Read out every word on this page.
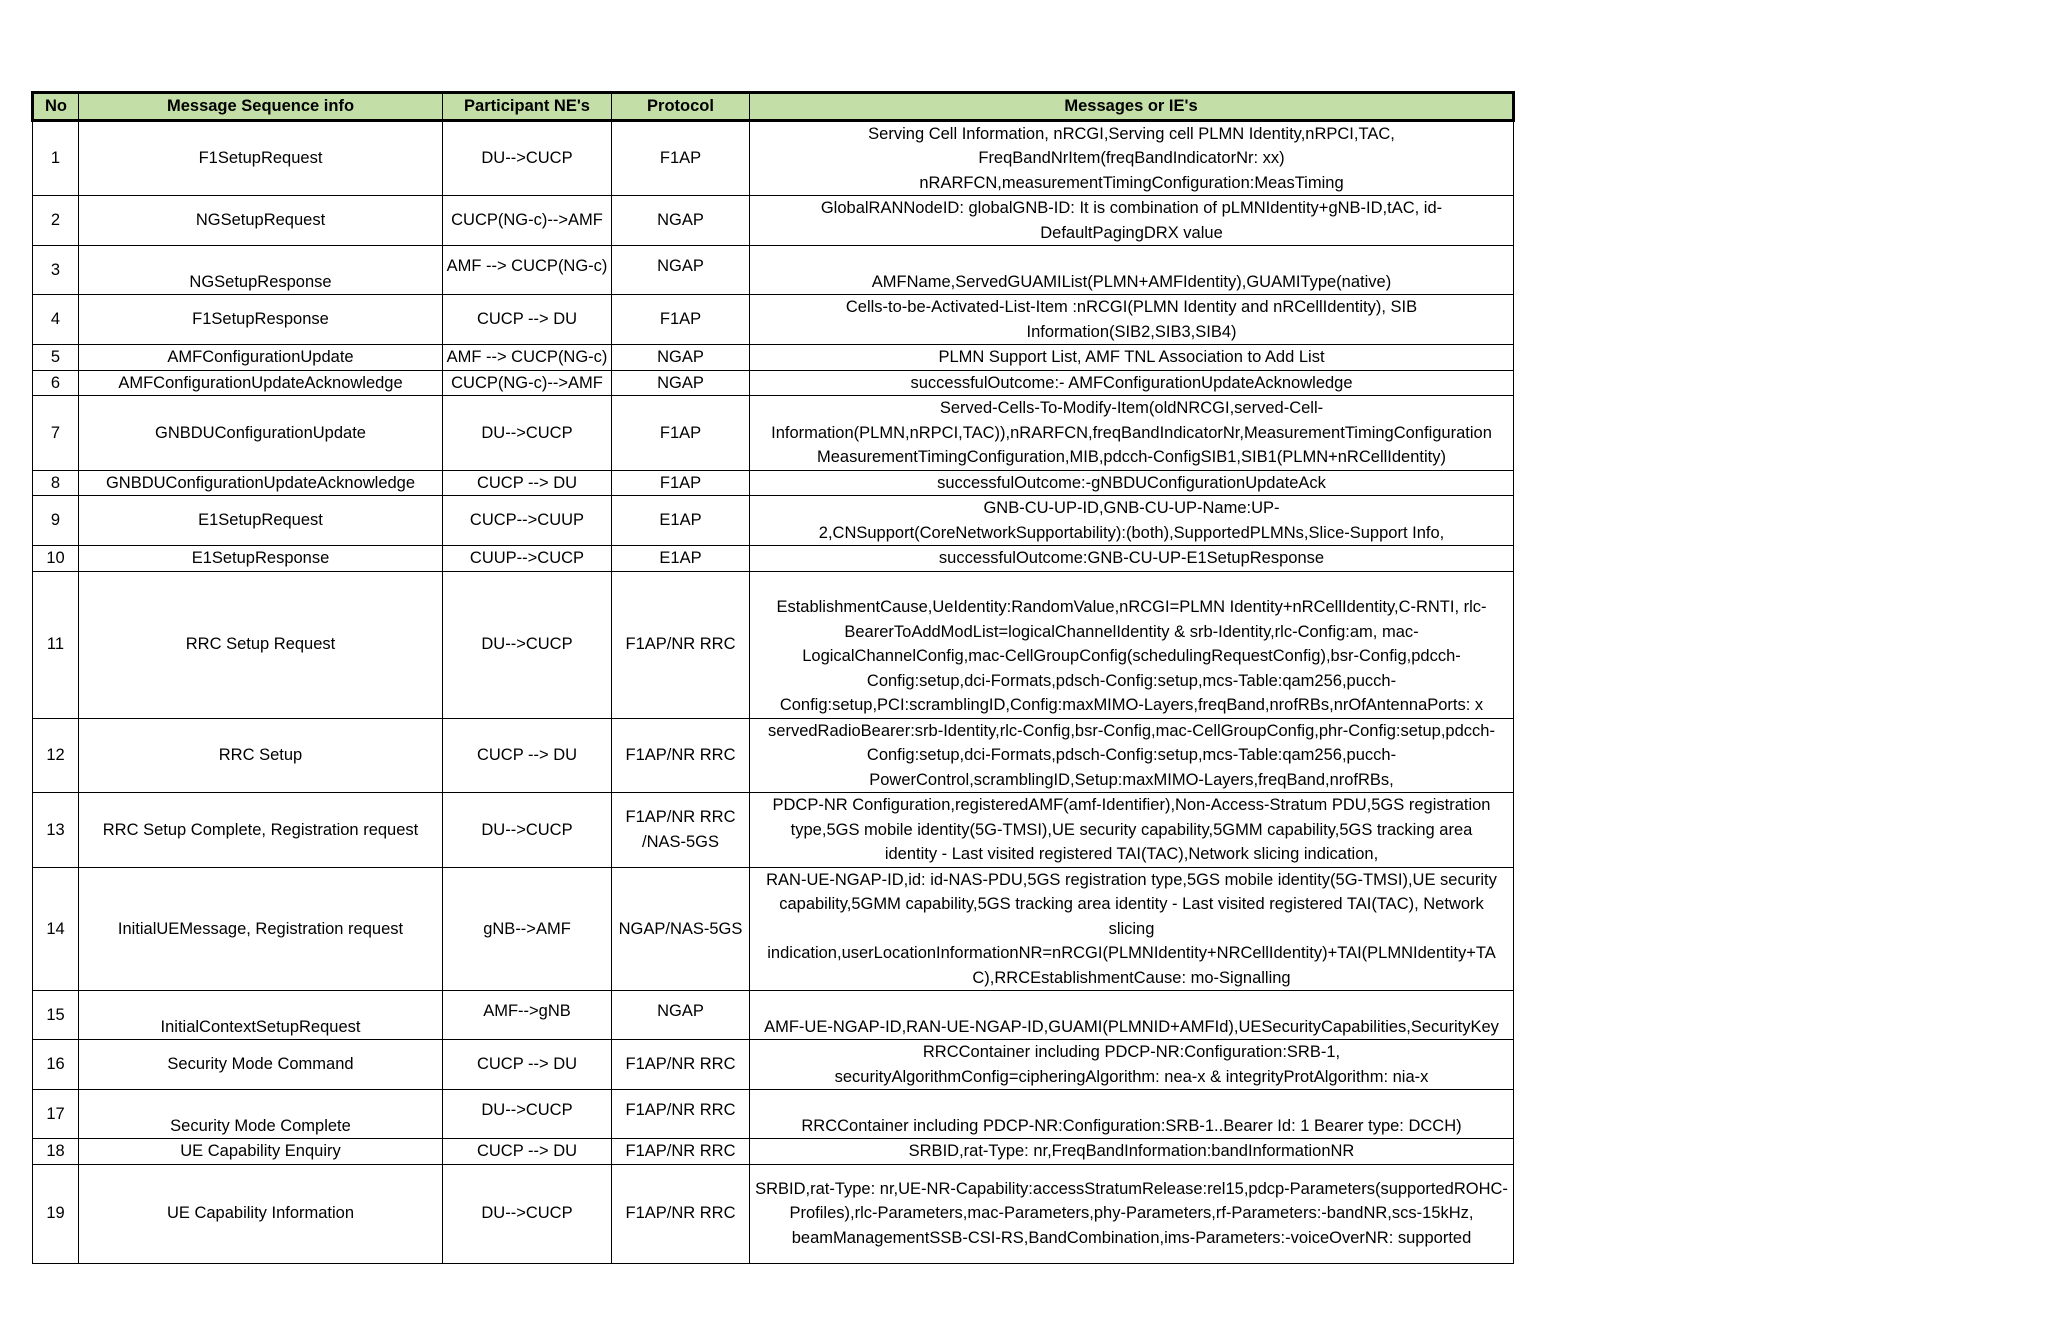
No	Message Sequence info	Participant NE's	Protocol	Messages or IE's
1	F1SetupRequest	DU-->CUCP	F1AP	Serving Cell Information, nRCGI,Serving cell PLMN Identity,nRPCI,TAC,
FreqBandNrItem(freqBandIndicatorNr: xx)
nRARFCN,measurementTimingConfiguration:MeasTiming

2	NGSetupRequest	CUCP(NG-c)-->AMF	NGAP	GlobalRANNodeID: globalGNB-ID: It is combination of pLMNIdentity+gNB-ID,tAC, id-
DefaultPagingDRX value

3	NGSetupResponse	AMF --> CUCP(NG-c)	NGAP	AMFName,ServedGUAMIList(PLMN+AMFIdentity),GUAMIType(native)

4	F1SetupResponse	CUCP --> DU	F1AP	Cells-to-be-Activated-List-Item :nRCGI(PLMN Identity and nRCellIdentity), SIB
Information(SIB2,SIB3,SIB4)

5	AMFConfigurationUpdate	AMF --> CUCP(NG-c)	NGAP	PLMN Support List, AMF TNL Association to Add List

6	AMFConfigurationUpdateAcknowledge	CUCP(NG-c)-->AMF	NGAP	successfulOutcome:- AMFConfigurationUpdateAcknowledge

7	GNBDUConfigurationUpdate	DU-->CUCP	F1AP	Served-Cells-To-Modify-Item(oldNRCGI,served-Cell-
Information(PLMN,nRPCI,TAC)),nRARFCN,freqBandIndicatorNr,MeasurementTimingConfiguration
MeasurementTimingConfiguration,MIB,pdcch-ConfigSIB1,SIB1(PLMN+nRCellIdentity)

8	GNBDUConfigurationUpdateAcknowledge	CUCP --> DU	F1AP	successfulOutcome:-gNBDUConfigurationUpdateAck

9	E1SetupRequest	CUCP-->CUUP	E1AP	GNB-CU-UP-ID,GNB-CU-UP-Name:UP-
2,CNSupport(CoreNetworkSupportability):(both),SupportedPLMNs,Slice-Support Info,

10	E1SetupResponse	CUUP-->CUCP	E1AP	successfulOutcome:GNB-CU-UP-E1SetupResponse

11	RRC Setup Request	DU-->CUCP	F1AP/NR RRC	EstablishmentCause,UeIdentity:RandomValue,nRCGI=PLMN Identity+nRCellIdentity,C-RNTI, rlc-
BearerToAddModList=logicalChannelIdentity & srb-Identity,rlc-Config:am, mac-
LogicalChannelConfig,mac-CellGroupConfig(schedulingRequestConfig),bsr-Config,pdcch-
Config:setup,dci-Formats,pdsch-Config:setup,mcs-Table:qam256,pucch-
Config:setup,PCI:scramblingID,Config:maxMIMO-Layers,freqBand,nrofRBs,nrOfAntennaPorts: x

12	RRC Setup	CUCP --> DU	F1AP/NR RRC	servedRadioBearer:srb-Identity,rlc-Config,bsr-Config,mac-CellGroupConfig,phr-Config:setup,pdcch-
Config:setup,dci-Formats,pdsch-Config:setup,mcs-Table:qam256,pucch-
PowerControl,scramblingID,Setup:maxMIMO-Layers,freqBand,nrofRBs,

13	RRC Setup Complete, Registration request	DU-->CUCP	F1AP/NR RRC /NAS-5GS	PDCP-NR Configuration,registeredAMF(amf-Identifier),Non-Access-Stratum PDU,5GS registration
type,5GS mobile identity(5G-TMSI),UE security capability,5GMM capability,5GS tracking area
identity - Last visited registered TAI(TAC),Network slicing indication,

14	InitialUEMessage, Registration request	gNB-->AMF	NGAP/NAS-5GS	RAN-UE-NGAP-ID,id: id-NAS-PDU,5GS registration type,5GS mobile identity(5G-TMSI),UE security
capability,5GMM capability,5GS tracking area identity - Last visited registered TAI(TAC), Network
slicing
indication,userLocationInformationNR=nRCGI(PLMNIdentity+NRCellIdentity)+TAI(PLMNIdentity+TA
C),RRCEstablishmentCause: mo-Signalling

15	InitialContextSetupRequest	AMF-->gNB	NGAP	AMF-UE-NGAP-ID,RAN-UE-NGAP-ID,GUAMI(PLMNID+AMFId),UESecurityCapabilities,SecurityKey

16	Security Mode Command	CUCP --> DU	F1AP/NR RRC	RRCContainer including PDCP-NR:Configuration:SRB-1,
securityAlgorithmConfig=cipheringAlgorithm: nea-x & integrityProtAlgorithm: nia-x

17	Security Mode Complete	DU-->CUCP	F1AP/NR RRC	RRCContainer including PDCP-NR:Configuration:SRB-1..Bearer Id: 1 Bearer type: DCCH)

18	UE Capability Enquiry	CUCP --> DU	F1AP/NR RRC	SRBID,rat-Type: nr,FreqBandInformation:bandInformationNR

19	UE Capability Information	DU-->CUCP	F1AP/NR RRC	SRBID,rat-Type: nr,UE-NR-Capability:accessStratumRelease:rel15,pdcp-Parameters(supportedROHC-
Profiles),rlc-Parameters,mac-Parameters,phy-Parameters,rf-Parameters:-bandNR,scs-15kHz,
beamManagementSSB-CSI-RS,BandCombination,ims-Parameters:-voiceOverNR: supported
